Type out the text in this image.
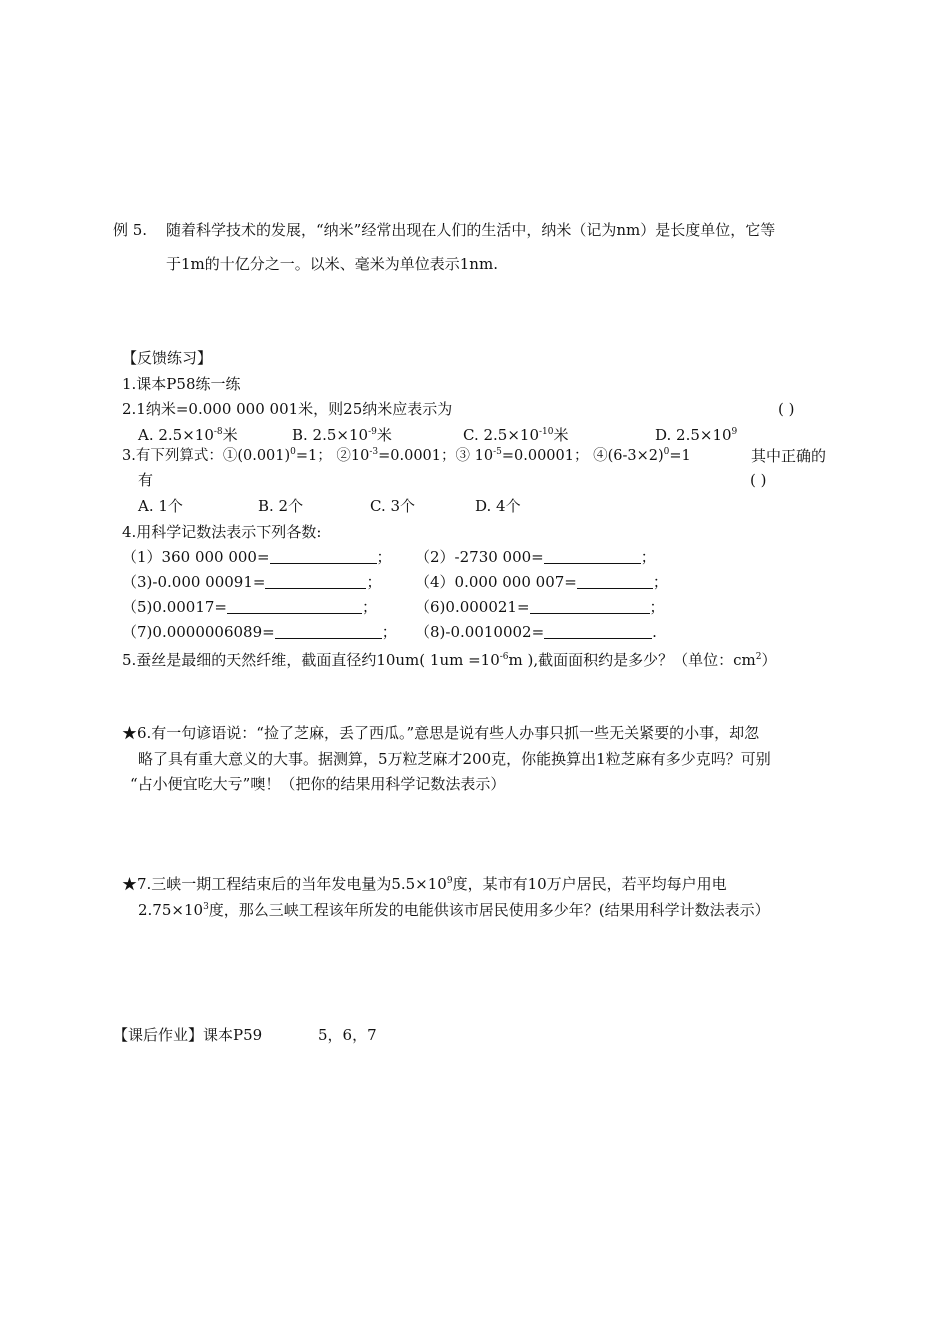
例 5. 随着科学技术的发展，“纳米”经常出现在人们的生活中，纳米（记为nm）是长度单位，它等
于1m的十亿分之一。以米、毫米为单位表示1nm.
【反馈练习】
1.课本P58练一练
2.1纳米=0.000 000 001米，则25纳米应表示为	( )
A. $2.5\times 10^{-8}$米	B. $2.5\times 10^{-9}$米	C. $2.5\times 10^{-10}$米	D. $2.5\times 10^9$
3.有下列算式：$①(0.001)^0=1$； $②10^{-3}=0.0001$；③ $10^{-5}=0.00001$； $④(6-3\times 2)^0=1$	其中正确的
有	( )
A. 1个	B. 2个	C. 3个	D. 4个
4.用科学记数法表示下列各数:
（1）360 000 000=	； （2）-2730 000=	；
（3)-0.000 00091=	； （4）0.000 000 007=	；
（5)0.00017=	；	（6)0.000021=	；
（7)0.0000006089=	； （8)-0.0010002=	.
5.蚕丝是最细的天然纤维，截面直径约10um( $1um =10^{-6}m$ ),截面面积约是多少？（单位：$cm^2$）
★6.有一句谚语说：“捡了芝麻，丢了西瓜。”意思是说有些人办事只抓一些无关紧要的小事，却忽
略了具有重大意义的大事。据测算，5万粒芝麻才200克，你能换算出1粒芝麻有多少克吗？可别
“占小便宜吃大亏”噢！（把你的结果用科学记数法表示）
★7.三峡一期工程结束后的当年发电量为$5.5\times 10^9$度，某市有10万户居民，若平均每户用电
$2.75\times 10^3$度，那么三峡工程该年所发的电能供该市居民使用多少年？(结果用科学计数法表示）
【课后作业】课本P59	5，6，7
